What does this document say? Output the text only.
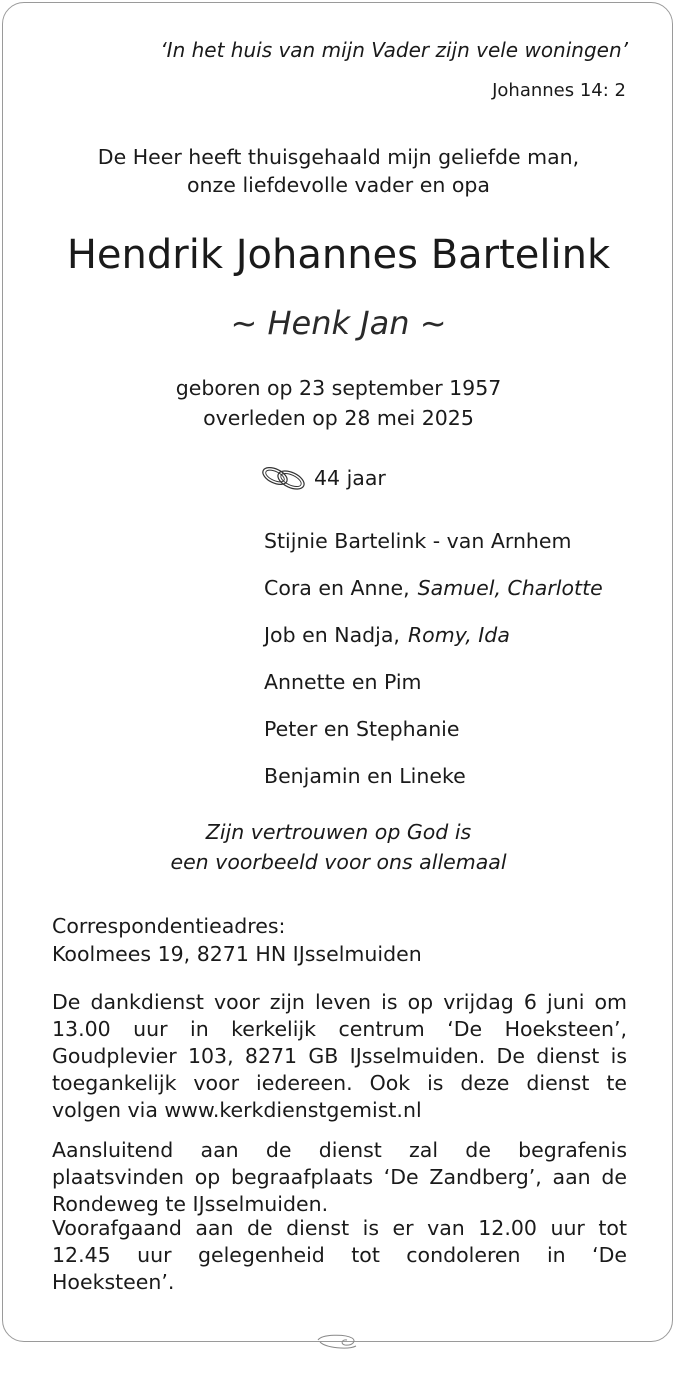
‘In het huis van mijn Vader zijn vele woningen’
Johannes 14: 2
De Heer heeft thuisgehaald mijn geliefde man,
onze liefdevolle vader en opa
Hendrik Johannes Bartelink
~ Henk Jan ~
geboren op 23 september 1957
overleden op 28 mei 2025
44 jaar
Stijnie Bartelink - van Arnhem
Cora en Anne, Samuel, Charlotte
Job en Nadja, Romy, Ida
Annette en Pim
Peter en Stephanie
Benjamin en Lineke
Zijn vertrouwen op God is
een voorbeeld voor ons allemaal
Correspondentieadres:
Koolmees 19, 8271 HN IJsselmuiden
De dankdienst voor zijn leven is op vrijdag 6 juni om 13.00 uur in kerkelijk centrum ‘De Hoeksteen’, Goudplevier 103, 8271 GB IJsselmuiden. De dienst is toegankelijk voor iedereen. Ook is deze dienst te volgen via www.kerkdienstgemist.nl
Aansluitend aan de dienst zal de begrafenis plaatsvinden op begraafplaats ‘De Zandberg’, aan de Rondeweg te IJsselmuiden.
Voorafgaand aan de dienst is er van 12.00 uur tot 12.45 uur gelegenheid tot condoleren in ‘De Hoeksteen’.
